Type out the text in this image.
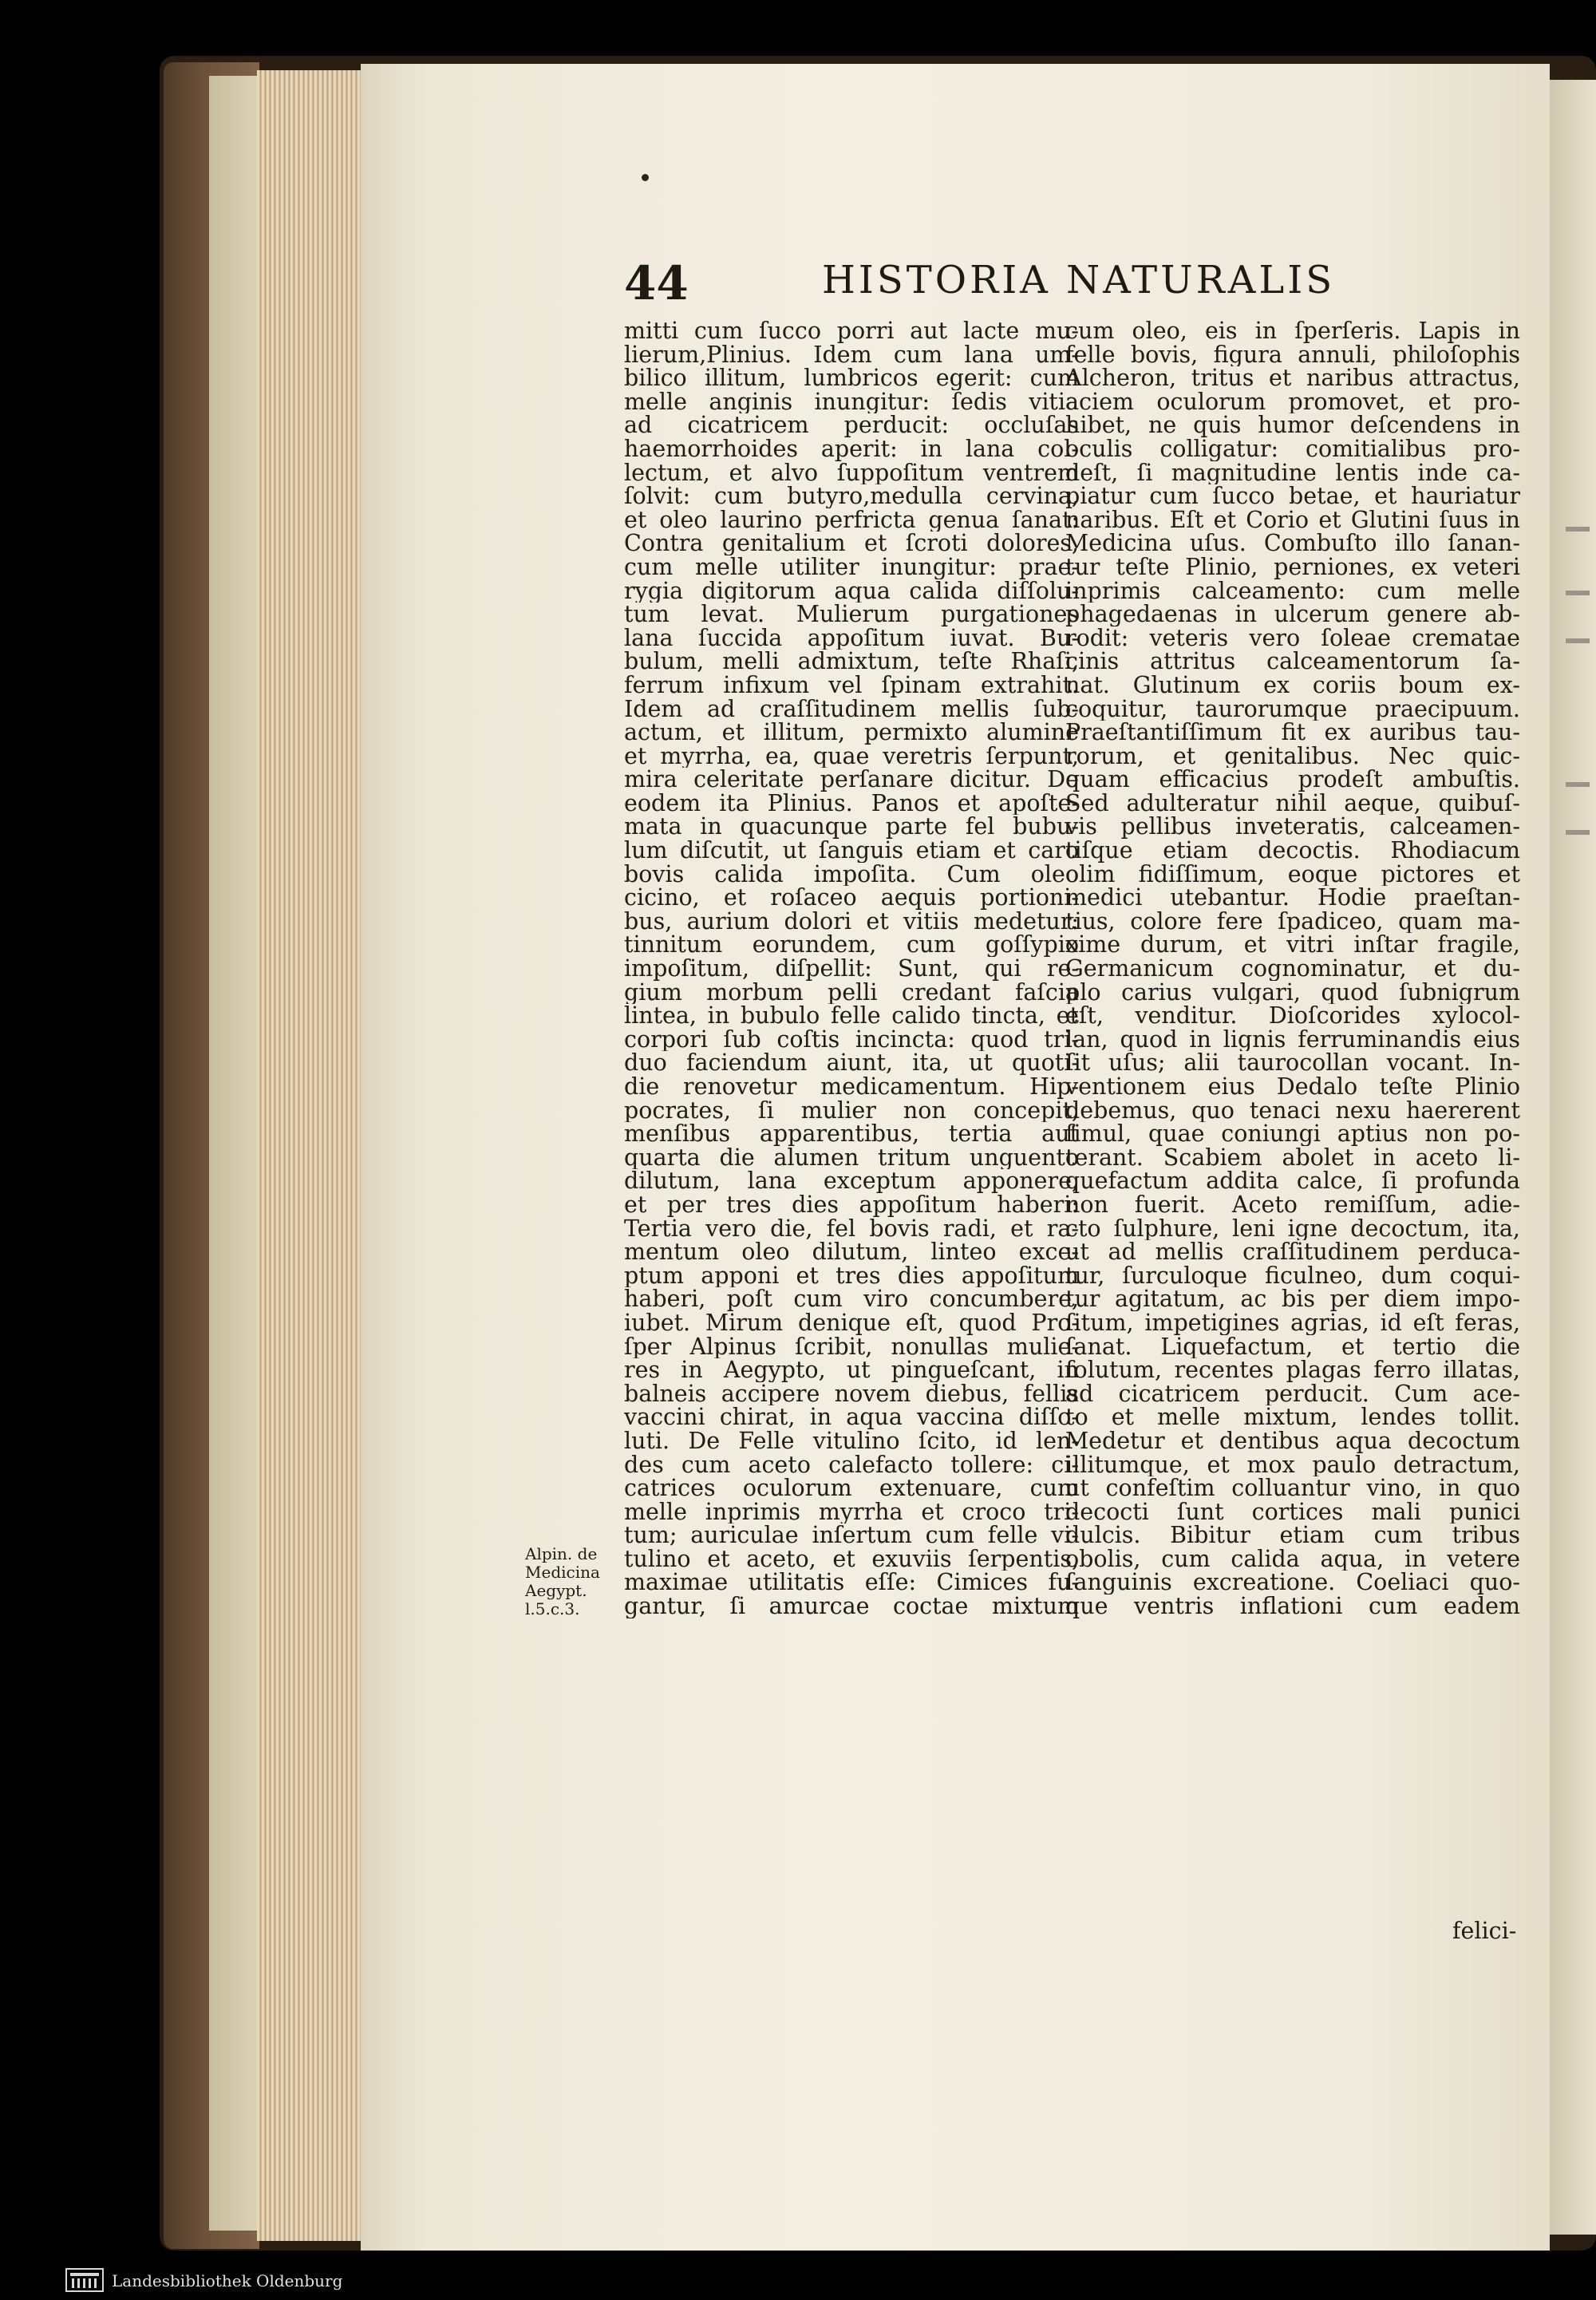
44	HISTORIA NATURALIS
mitti cum ſucco porri aut lacte mu-
lierum,Plinius. Idem cum lana um-
bilico illitum, lumbricos egerit: cum
melle anginis inungitur: ſedis vitia
ad cicatricem perducit: occluſas
haemorrhoides aperit: in lana col-
lectum, et alvo ſuppoſitum ventrem
ſolvit: cum butyro,medulla cervina,
et oleo laurino perfricta genua ſanat:
Contra genitalium et ſcroti dolores,
cum melle utiliter inungitur: prae-
rygia digitorum aqua calida diſſolu-
tum levat. Mulierum purgationes
lana ſuccida appoſitum iuvat. Bu-
bulum, melli admixtum, teſte Rhaſi,
ferrum infixum vel ſpinam extrahit.
Idem ad craſſitudinem mellis ſub-
actum, et illitum, permixto alumine
et myrrha, ea, quae veretris ſerpunt,
mira celeritate perſanare dicitur. De
eodem ita Plinius. Panos et apoſte-
mata in quacunque parte fel bubu-
lum diſcutit, ut ſanguis etiam et caro
bovis calida impoſita. Cum oleo
cicino, et roſaceo aequis portioni-
bus, aurium dolori et vitiis medetur:
tinnitum eorundem, cum goſſypio
impoſitum, diſpellit: Sunt, qui re-
gium morbum pelli credant faſcia
lintea, in bubulo felle calido tincta, et
corpori ſub coſtis incincta: quod tri-
duo faciendum aiunt, ita, ut quoti-
die renovetur medicamentum. Hip-
pocrates, ſi mulier non concepit,
menſibus apparentibus, tertia aut
quarta die alumen tritum unguento
dilutum, lana exceptum apponere,
et per tres dies appoſitum haberi:
Tertia vero die, fel bovis radi, et ra-
mentum oleo dilutum, linteo exce-
ptum apponi et tres dies appoſitum
haberi, poſt cum viro concumbere,
iubet. Mirum denique eſt, quod Pro-
ſper Alpinus ſcribit, nonullas mulie-
res in Aegypto, ut pingueſcant, in
balneis accipere novem diebus, fellis
vaccini chirat, in aqua vaccina diſſo-
luti. De Felle vitulino ſcito, id len-
des cum aceto calefacto tollere: ci-
catrices oculorum extenuare, cum
melle inprimis myrrha et croco tri-
tum; auriculae inſertum cum felle vi-
tulino et aceto, et exuviis ſerpentis,
maximae utilitatis eſſe: Cimices fu-
gantur, ſi amurcae coctae mixtum
cum oleo, eis in ſperſeris. Lapis in
felle bovis, figura annuli, philoſophis
Alcheron, tritus et naribus attractus,
aciem oculorum promovet, et pro-
hibet, ne quis humor deſcendens in
oculis colligatur: comitialibus pro-
deſt, ſi magnitudine lentis inde ca-
piatur cum ſucco betae, et hauriatur
naribus. Eſt et Corio et Glutini ſuus in
Medicina uſus. Combuſto illo ſanan-
tur teſte Plinio, perniones, ex veteri
inprimis calceamento: cum melle
phagedaenas in ulcerum genere ab-
rodit: veteris vero ſoleae crematae
cinis attritus calceamentorum ſa-
nat. Glutinum ex coriis boum ex-
coquitur, taurorumque praecipuum.
Praeſtantiſſimum fit ex auribus tau-
rorum, et genitalibus. Nec quic-
quam efficacius prodeſt ambuſtis.
Sed adulteratur nihil aeque, quibuſ-
vis pellibus inveteratis, calceamen-
tiſque etiam decoctis. Rhodiacum
olim fidiſſimum, eoque pictores et
medici utebantur. Hodie praeſtan-
tius, colore fere ſpadiceo, quam ma-
xime durum, et vitri inſtar fragile,
Germanicum cognominatur, et du-
plo carius vulgari, quod ſubnigrum
eſt, venditur. Dioſcorides xylocol-
lan, quod in lignis ferruminandis eius
ſit uſus; alii taurocollan vocant. In-
ventionem eius Dedalo teſte Plinio
debemus, quo tenaci nexu haererent
ſimul, quae coniungi aptius non po-
terant. Scabiem abolet in aceto li-
quefactum addita calce, ſi profunda
non fuerit. Aceto remiſſum, adie-
cto ſulphure, leni igne decoctum, ita,
ut ad mellis craſſitudinem perduca-
tur, ſurculoque ficulneo, dum coqui-
tur agitatum, ac bis per diem impo-
ſitum, impetigines agrias, id eſt feras,
ſanat. Liquefactum, et tertio die
ſolutum, recentes plagas ferro illatas,
ad cicatricem perducit. Cum ace-
to et melle mixtum, lendes tollit.
Medetur et dentibus aqua decoctum
illitumque, et mox paulo detractum,
ut confeſtim colluantur vino, in quo
decocti ſunt cortices mali punici
dulcis. Bibitur etiam cum tribus
obolis, cum calida aqua, in vetere
ſanguinis excreatione. Coeliaci quo-
que ventris inflationi cum eadem
Alpin. de
Medicina
Aegypt.
l.5.c.3.
felici-
Landesbibliothek Oldenburg
